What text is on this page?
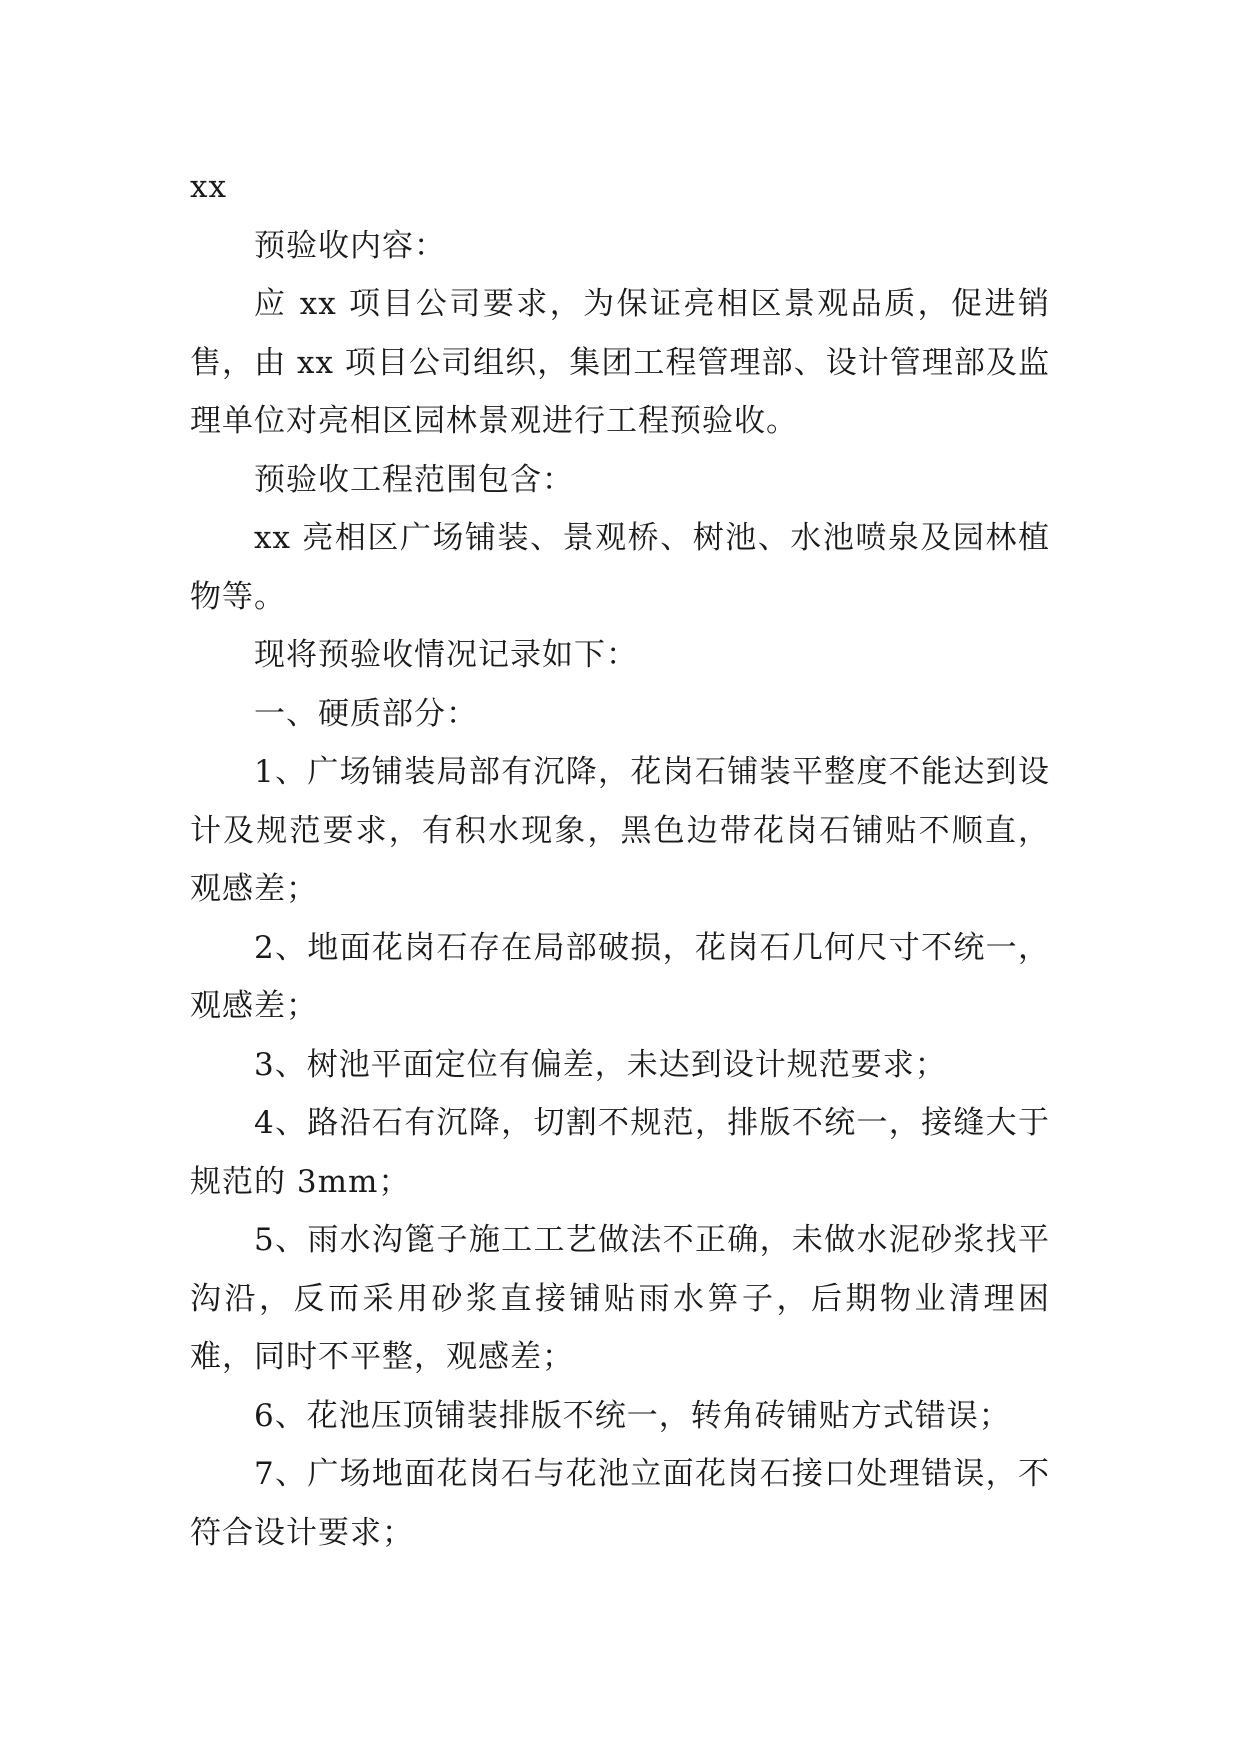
xx

预验收内容：

应 xx 项目公司要求，为保证亮相区景观品质，促进销售，由 xx 项目公司组织，集团工程管理部、设计管理部及监理单位对亮相区园林景观进行工程预验收。

预验收工程范围包含：

xx 亮相区广场铺装、景观桥、树池、水池喷泉及园林植物等。

现将预验收情况记录如下：

一、硬质部分：

1、广场铺装局部有沉降，花岗石铺装平整度不能达到设计及规范要求，有积水现象，黑色边带花岗石铺贴不顺直，观感差；

2、地面花岗石存在局部破损，花岗石几何尺寸不统一，观感差；

3、树池平面定位有偏差，未达到设计规范要求；

4、路沿石有沉降，切割不规范，排版不统一，接缝大于规范的 3mm；

5、雨水沟篦子施工工艺做法不正确，未做水泥砂浆找平沟沿，反而采用砂浆直接铺贴雨水箅子，后期物业清理困难，同时不平整，观感差；

6、花池压顶铺装排版不统一，转角砖铺贴方式错误；

7、广场地面花岗石与花池立面花岗石接口处理错误，不符合设计要求；
